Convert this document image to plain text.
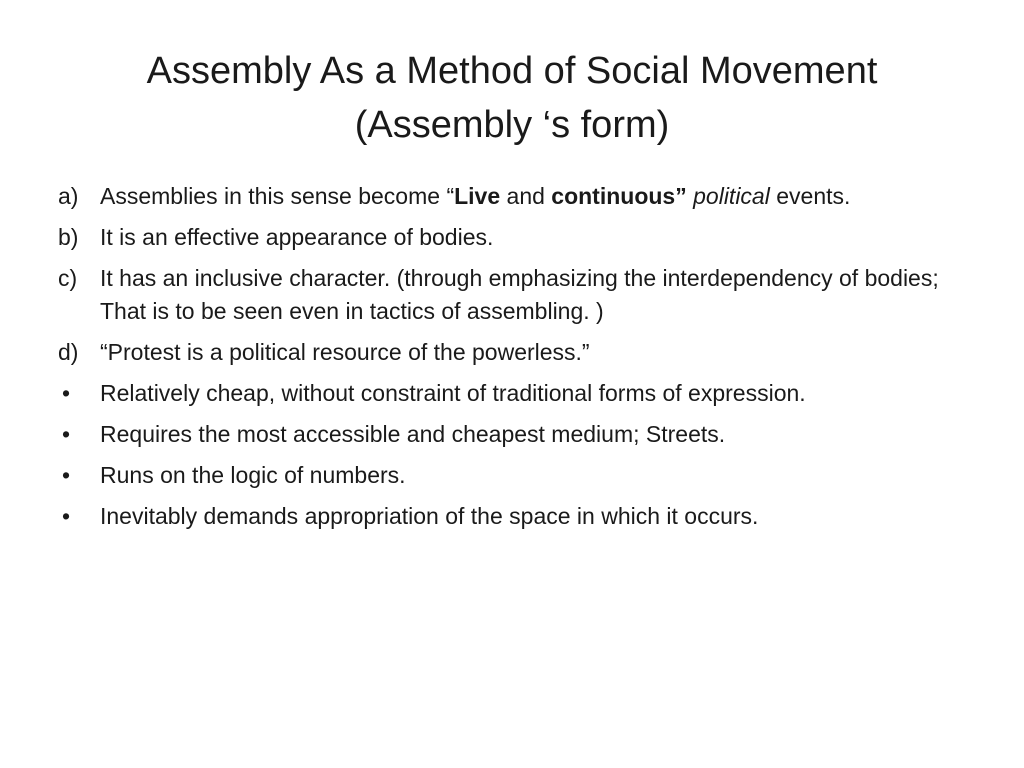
Assembly As a Method of Social Movement
(Assembly ‘s form)
a) Assemblies in this sense become “Live and continuous” political events.
b) It is an effective appearance of bodies.
c) It has an inclusive character. (through emphasizing the interdependency of bodies; That is to be seen even in tactics of assembling. )
d) “Protest is a political resource of the powerless.”
•	Relatively cheap, without constraint of traditional forms of expression.
•	Requires the most accessible and cheapest medium; Streets.
•	Runs on the logic of numbers.
•	Inevitably demands appropriation of the space in which it occurs.
